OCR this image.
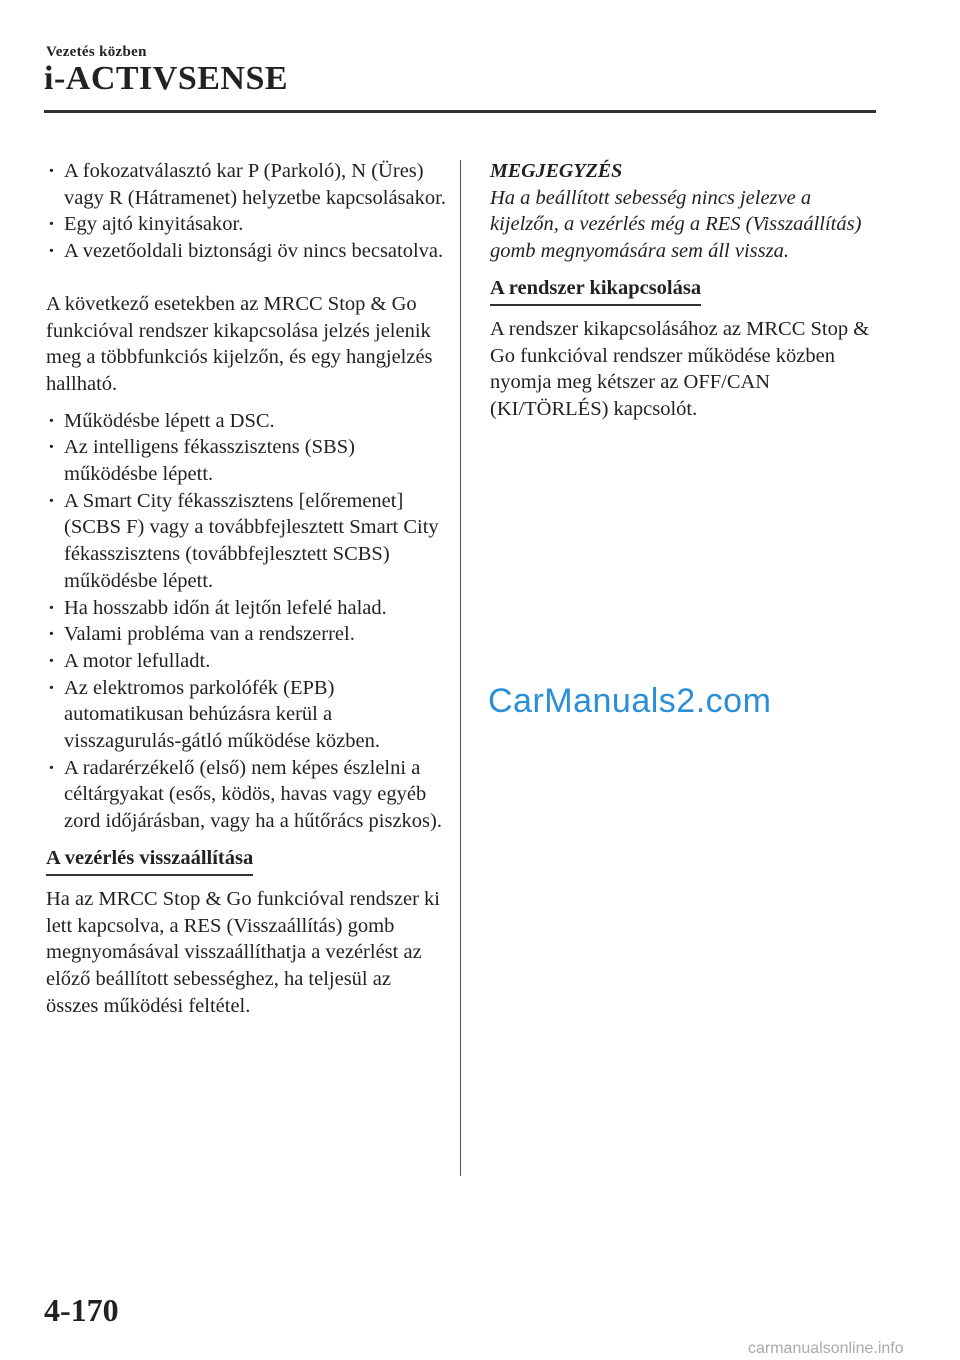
Vezetés közben
i-ACTIVSENSE
· A fokozatválasztó kar P (Parkoló), N (Üres) vagy R (Hátramenet) helyzetbe kapcsolásakor.
· Egy ajtó kinyitásakor.
· A vezetőoldali biztonsági öv nincs becsatolva.

A következő esetekben az MRCC Stop & Go funkcióval rendszer kikapcsolása jelzés jelenik meg a többfunkciós kijelzőn, és egy hangjelzés hallható.

· Működésbe lépett a DSC.
· Az intelligens fékasszisztens (SBS) működésbe lépett.
· A Smart City fékasszisztens [előremenet] (SCBS F) vagy a továbbfejlesztett Smart City fékasszisztens (továbbfejlesztett SCBS) működésbe lépett.
· Ha hosszabb időn át lejtőn lefelé halad.
· Valami probléma van a rendszerrel.
· A motor lefulladt.
· Az elektromos parkolófék (EPB) automatikusan behúzásra kerül a visszagurulás-gátló működése közben.
· A radarérzékelő (első) nem képes észlelni a céltárgyakat (esős, ködös, havas vagy egyéb zord időjárásban, vagy ha a hűtőrács piszkos).
A vezérlés visszaállítása

Ha az MRCC Stop & Go funkcióval rendszer ki lett kapcsolva, a RES (Visszaállítás) gomb megnyomásával visszaállíthatja a vezérlést az előző beállított sebességhez, ha teljesül az összes működési feltétel.

MEGJEGYZÉS

Ha a beállított sebesség nincs jelezve a kijelzőn, a vezérlés még a RES (Visszaállítás) gomb megnyomására sem áll vissza.

A rendszer kikapcsolása

A rendszer kikapcsolásához az MRCC Stop & Go funkcióval rendszer működése közben nyomja meg kétszer az OFF/CAN (KI/TÖRLÉS) kapcsolót.

CarManuals2.com
4-170
carmanualsonline.info
